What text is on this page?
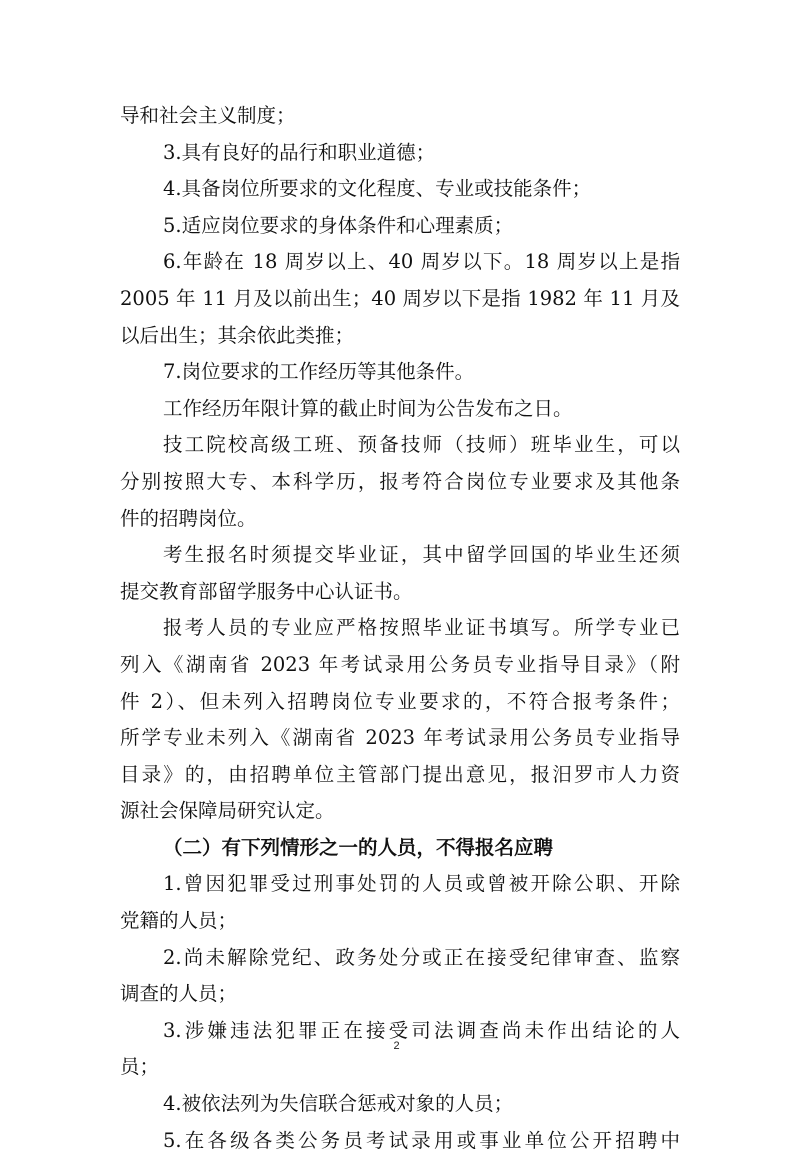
导和社会主义制度；
3.具有良好的品行和职业道德；
4.具备岗位所要求的文化程度、专业或技能条件；
5.适应岗位要求的身体条件和心理素质；
6.年龄在 18 周岁以上、40 周岁以下。18 周岁以上是指
2005 年 11 月及以前出生；40 周岁以下是指 1982 年 11 月及
以后出生；其余依此类推；
7.岗位要求的工作经历等其他条件。
工作经历年限计算的截止时间为公告发布之日。
技工院校高级工班、预备技师（技师）班毕业生，可以
分别按照大专、本科学历，报考符合岗位专业要求及其他条
件的招聘岗位。
考生报名时须提交毕业证，其中留学回国的毕业生还须
提交教育部留学服务中心认证书。
报考人员的专业应严格按照毕业证书填写。所学专业已
列入《湖南省 2023 年考试录用公务员专业指导目录》（附
件 2）、但未列入招聘岗位专业要求的，不符合报考条件；
所学专业未列入《湖南省 2023 年考试录用公务员专业指导
目录》的，由招聘单位主管部门提出意见，报汨罗市人力资
源社会保障局研究认定。
（二）有下列情形之一的人员，不得报名应聘
1.曾因犯罪受过刑事处罚的人员或曾被开除公职、开除
党籍的人员；
2.尚未解除党纪、政务处分或正在接受纪律审查、监察
调查的人员；
3.涉嫌违法犯罪正在接受司法调查尚未作出结论的人
员；
4.被依法列为失信联合惩戒对象的人员；
5.在各级各类公务员考试录用或事业单位公开招聘中
2
